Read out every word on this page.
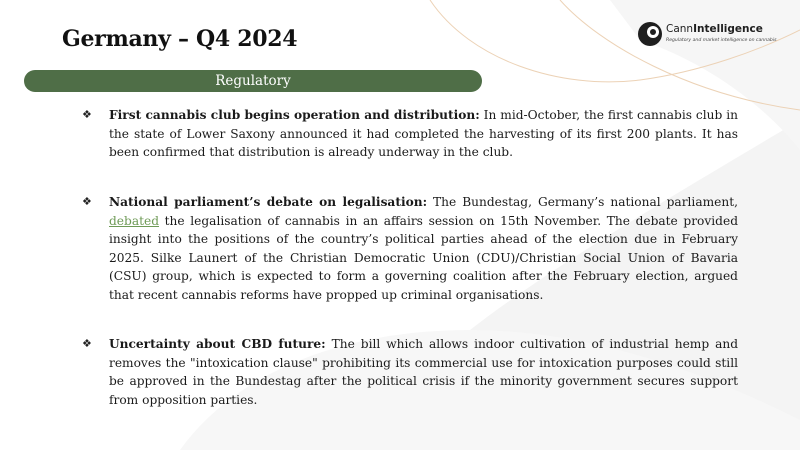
Germany – Q4 2024	CannIntelligence
Regulatory and market intelligence on cannabis
Regulatory
❖ First cannabis club begins operation and distribution: In mid-October, the first cannabis club in the state of Lower Saxony announced it had completed the harvesting of its first 200 plants. It has been confirmed that distribution is already underway in the club.
❖ National parliament’s debate on legalisation: The Bundestag, Germany’s national parliament, debated the legalisation of cannabis in an affairs session on 15th November. The debate provided insight into the positions of the country’s political parties ahead of the election due in February 2025. Silke Launert of the Christian Democratic Union (CDU)/Christian Social Union of Bavaria (CSU) group, which is expected to form a governing coalition after the February election, argued that recent cannabis reforms have propped up criminal organisations.
❖ Uncertainty about CBD future: The bill which allows indoor cultivation of industrial hemp and removes the "intoxication clause" prohibiting its commercial use for intoxication purposes could still be approved in the Bundestag after the political crisis if the minority government secures support from opposition parties.
